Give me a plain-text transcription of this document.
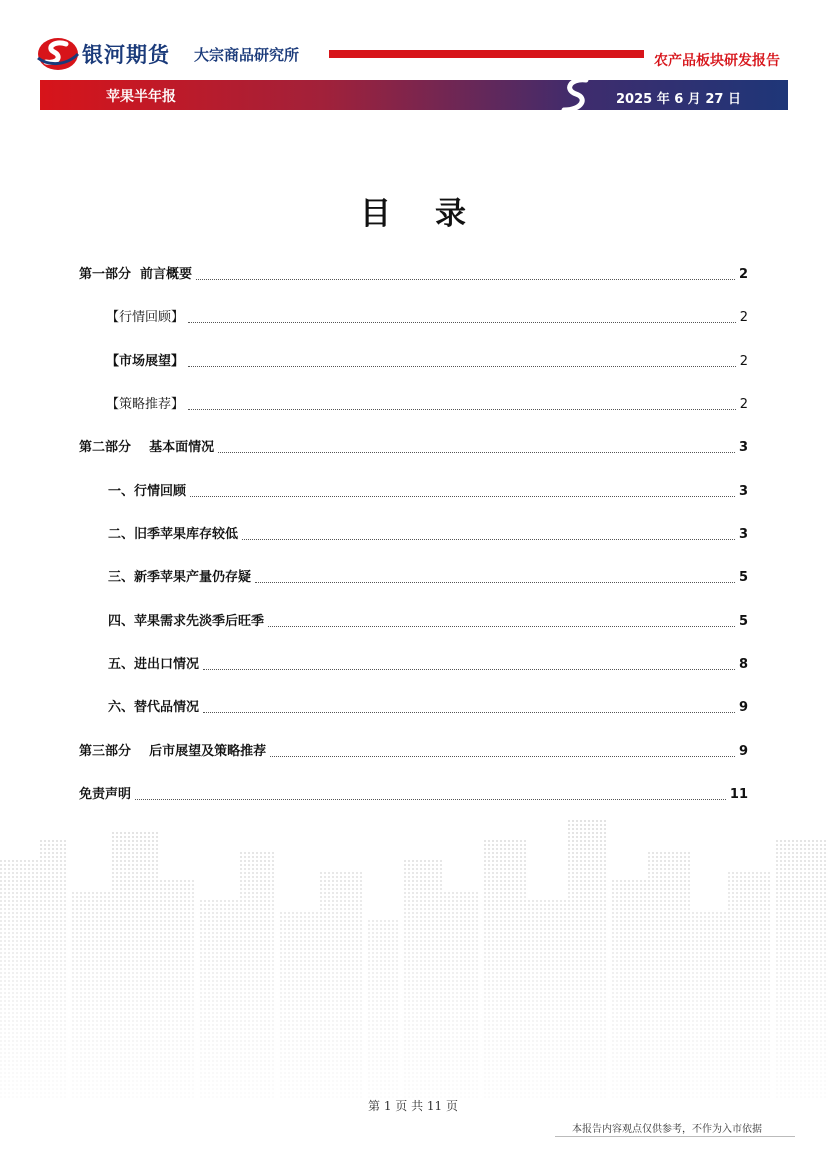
银河期货 大宗商品研究所	农产品板块研发报告
苹果半年报	2025 年 6 月 27 日
目录
第一部分  前言概要	2
【行情回顾】	2
【市场展望】	2
【策略推荐】	2
第二部分    基本面情况	3
一、行情回顾	3
二、旧季苹果库存较低	3
三、新季苹果产量仍存疑	5
四、苹果需求先淡季后旺季	5
五、进出口情况	8
六、替代品情况	9
第三部分    后市展望及策略推荐	9
免责声明	11
第 1 页 共 11 页
本报告内容观点仅供参考，不作为入市依据
